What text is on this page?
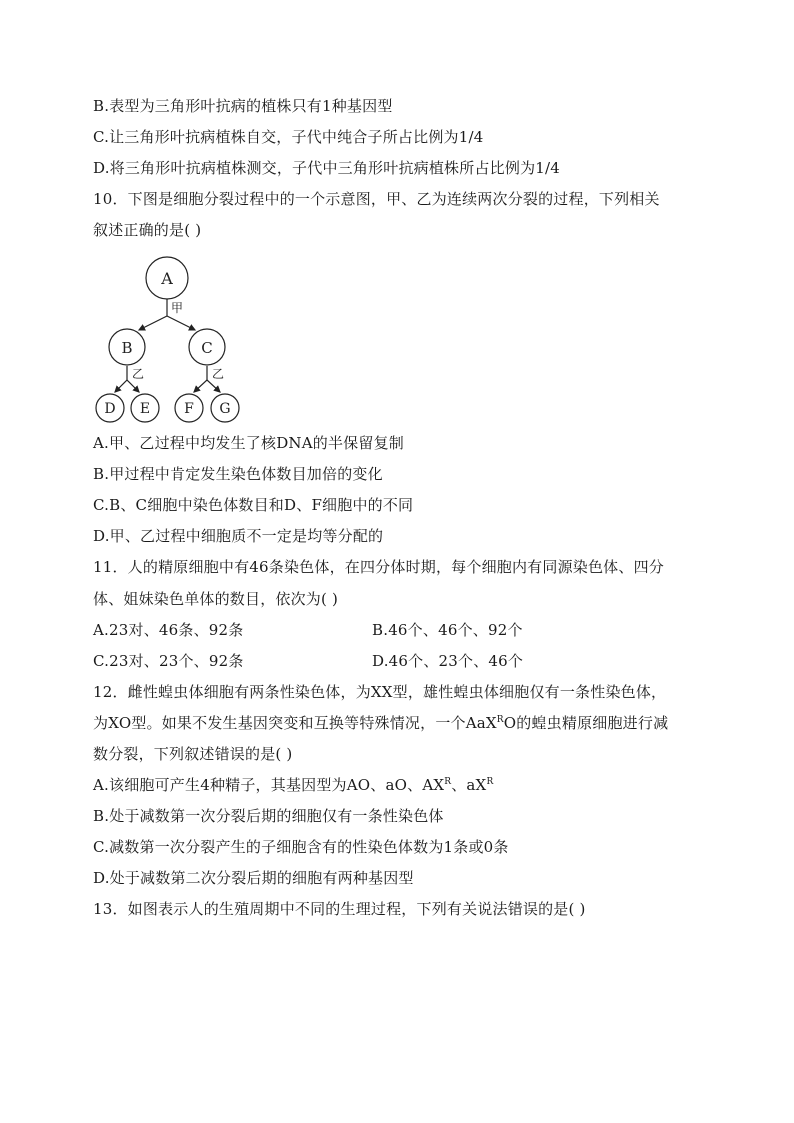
B.表型为三角形叶抗病的植株只有1种基因型
C.让三角形叶抗病植株自交，子代中纯合子所占比例为1/4
D.将三角形叶抗病植株测交，子代中三角形叶抗病植株所占比例为1/4
10．下图是细胞分裂过程中的一个示意图，甲、乙为连续两次分裂的过程，下列相关
叙述正确的是( )
A
B	C
D E F G
甲
乙	乙
A.甲、乙过程中均发生了核DNA的半保留复制
B.甲过程中肯定发生染色体数目加倍的变化
C.B、C细胞中染色体数目和D、F细胞中的不同
D.甲、乙过程中细胞质不一定是均等分配的
11．人的精原细胞中有46条染色体，在四分体时期，每个细胞内有同源染色体、四分
体、姐妹染色单体的数目，依次为( )
A.23对、46条、92条	B.46个、46个、92个
C.23对、23个、92条	D.46个、23个、46个
12．雌性蝗虫体细胞有两条性染色体，为XX型，雄性蝗虫体细胞仅有一条性染色体，
为XO型。如果不发生基因突变和互换等特殊情况，一个AaX$^R$O的蝗虫精原细胞进行减
数分裂，下列叙述错误的是( )
A.该细胞可产生4种精子，其基因型为AO、aO、$AX^R$、$aX^R$
B.处于减数第一次分裂后期的细胞仅有一条性染色体
C.减数第一次分裂产生的子细胞含有的性染色体数为1条或0条
D.处于减数第二次分裂后期的细胞有两种基因型
13．如图表示人的生殖周期中不同的生理过程，下列有关说法错误的是( )
